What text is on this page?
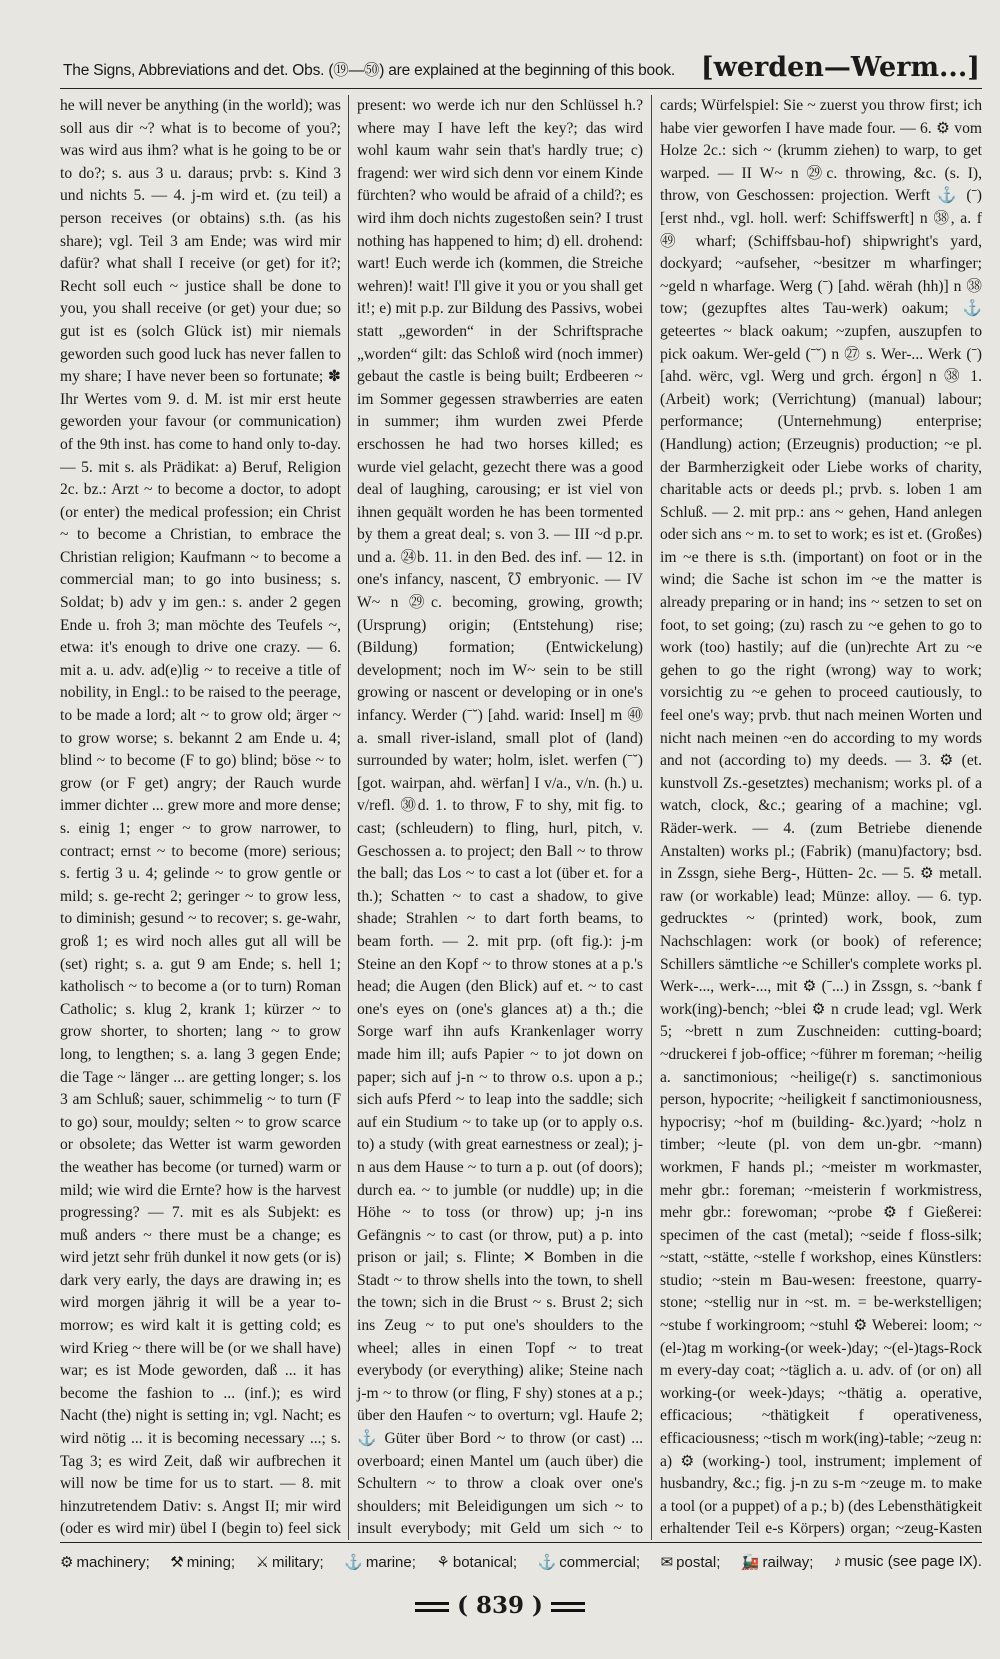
The Signs, Abbreviations and det. Obs. (⑲—㊿) are explained at the beginning of this book. [werden—Werm...]

he will never be anything (in the world); was soll aus dir ~? what is to become of you?; was wird aus ihm? what is he going to be or to do?; s. aus 3 u. daraus; prvb: s. Kind 3 und nichts 5. — 4. j-m wird et. (zu teil) a person receives (or obtains) s.th. (as his share); vgl. Teil 3 am Ende; was wird mir dafür? what shall I receive (or get) for it?; Recht soll euch ~ justice shall be done to you, you shall receive (or get) your due; so gut ist es (solch Glück ist) mir niemals geworden such good luck has never fallen to my share; I have never been so fortunate; ✽ Ihr Wertes vom 9. d. M. ist mir erst heute geworden your favour (or communication) of the 9th inst. has come to hand only to-day. — 5. mit s. als Prädikat: a) Beruf, Religion 2c. bz.: Arzt ~ to become a doctor, to adopt (or enter) the medical profession; ein Christ ~ to become a Christian, to embrace the Christian religion; Kaufmann ~ to become a commercial man; to go into business; s. Soldat; b) adv y im gen.: s. ander 2 gegen Ende u. froh 3; man möchte des Teufels ~, etwa: it's enough to drive one crazy. — 6. mit a. u. adv. ad(e)lig ~ to receive a title of nobility, in Engl.: to be raised to the peerage, to be made a lord; alt ~ to grow old; ärger ~ to grow worse; s. bekannt 2 am Ende u. 4; blind ~ to become (F to go) blind; böse ~ to grow (or F get) angry; der Rauch wurde immer dichter ... grew more and more dense; s. einig 1; enger ~ to grow narrower, to contract; ernst ~ to become (more) serious; s. fertig 3 u. 4; gelinde ~ to grow gentle or mild; s. ge-recht 2; geringer ~ to grow less, to diminish; gesund ~ to recover; s. ge-wahr, groß 1; es wird noch alles gut all will be (set) right; s. a. gut 9 am Ende; s. hell 1; katholisch ~ to become a (or to turn) Roman Catholic; s. klug 2, krank 1; kürzer ~ to grow shorter, to shorten; lang ~ to grow long, to lengthen; s. a. lang 3 gegen Ende; die Tage ~ länger ... are getting longer; s. los 3 am Schluß; sauer, schimmelig ~ to turn (F to go) sour, mouldy; selten ~ to grow scarce or obsolete; das Wetter ist warm geworden the weather has become (or turned) warm or mild; wie wird die Ernte? how is the harvest progressing? — 7. mit es als Subjekt: es muß anders ~ there must be a change; es wird jetzt sehr früh dunkel it now gets (or is) dark very early, the days are drawing in; es wird morgen jährig it will be a year to-morrow; es wird kalt it is getting cold; es wird Krieg ~ there will be (or we shall have) war; es ist Mode geworden, daß ... it has become the fashion to ... (inf.); es wird Nacht (the) night is setting in; vgl. Nacht; es wird nötig ... it is becoming necessary ...; s. Tag 3; es wird Zeit, daß wir aufbrechen it will now be time for us to start. — 8. mit hinzutretendem Dativ: s. Angst II; mir wird (oder es wird mir) übel I (begin to) feel sick

present: wo werde ich nur den Schlüssel h.? where may I have left the key?; das wird wohl kaum wahr sein that's hardly true; c) fragend: wer wird sich denn vor einem Kinde fürchten? who would be afraid of a child?; es wird ihm doch nichts zugestoßen sein? I trust nothing has happened to him; d) ell. drohend: wart! Euch werde ich (kommen, die Streiche wehren)! wait! I'll give it you or you shall get it!; e) mit p.p. zur Bildung des Passivs, wobei statt „geworden“ in der Schriftsprache „worden“ gilt: das Schloß wird (noch immer) gebaut the castle is being built; Erdbeeren ~ im Sommer gegessen strawberries are eaten in summer; ihm wurden zwei Pferde erschossen he had two horses killed; es wurde viel gelacht, gezecht there was a good deal of laughing, carousing; er ist viel von ihnen gequält worden he has been tormented by them a great deal; s. von 3. — III ~d p.pr. und a. ㉔b. 11. in den Bed. des inf. — 12. in one's infancy, nascent, ℧ embryonic. — IV W~ n ㉙c. becoming, growing, growth; (Ursprung) origin; (Entstehung) rise; (Bildung) formation; (Entwickelung) development; noch im W~ sein to be still growing or nascent or developing or in one's infancy. Werder (ˉ˘) [ahd. warid: Insel] m ㊵a. small river-island, small plot of (land) surrounded by water; holm, islet. werfen (ˉ˘) [got. wairpan, ahd. wërfan] I v/a., v/n. (h.) u. v/refl. ㉚d. 1. to throw, F to shy, mit fig. to cast; (schleudern) to fling, hurl, pitch, v. Geschossen a. to project; den Ball ~ to throw the ball; das Los ~ to cast a lot (über et. for a th.); Schatten ~ to cast a shadow, to give shade; Strahlen ~ to dart forth beams, to beam forth. — 2. mit prp. (oft fig.): j-m Steine an den Kopf ~ to throw stones at a p.'s head; die Augen (den Blick) auf et. ~ to cast one's eyes on (one's glances at) a th.; die Sorge warf ihn aufs Krankenlager worry made him ill; aufs Papier ~ to jot down on paper; sich auf j-n ~ to throw o.s. upon a p.; sich aufs Pferd ~ to leap into the saddle; sich auf ein Studium ~ to take up (or to apply o.s. to) a study (with great earnestness or zeal); j-n aus dem Hause ~ to turn a p. out (of doors); durch ea. ~ to jumble (or nuddle) up; in die Höhe ~ to toss (or throw) up; j-n ins Gefängnis ~ to cast (or throw, put) a p. into prison or jail; s. Flinte; ✕ Bomben in die Stadt ~ to throw shells into the town, to shell the town; sich in die Brust ~ s. Brust 2; sich ins Zeug ~ to put one's shoulders to the wheel; alles in einen Topf ~ to treat everybody (or everything) alike; Steine nach j-m ~ to throw (or fling, F shy) stones at a p.; über den Haufen ~ to overturn; vgl. Haufe 2; ⚓ Güter über Bord ~ to throw (or cast) ... overboard; einen Mantel um (auch über) die Schultern ~ to throw a cloak over one's shoulders; mit Beleidigungen um sich ~ to insult everybody; mit Geld um sich ~ to

cards; Würfelspiel: Sie ~ zuerst you throw first; ich habe vier geworfen I have made four. — 6. ⚙ vom Holze 2c.: sich ~ (krumm ziehen) to warp, to get warped. — II W~ n ㉙c. throwing, &c. (s. I), throw, von Geschossen: projection. Werft ⚓ (ˉ) [erst nhd., vgl. holl. werf: Schiffswerft] n ㊳, a. f ㊾ wharf; (Schiffsbau-hof) shipwright's yard, dockyard; ~aufseher, ~besitzer m wharfinger; ~geld n wharfage. Werg (ˉ) [ahd. wërah (hh)] n ㊳ tow; (gezupftes altes Tau-werk) oakum; ⚓ geteertes ~ black oakum; ~zupfen, auszupfen to pick oakum. Wer-geld (ˉ˘) n ㉗ s. Wer-... Werk (ˉ) [ahd. wërc, vgl. Werg und grch. érgon] n ㊳ 1. (Arbeit) work; (Verrichtung) (manual) labour; performance; (Unternehmung) enterprise; (Handlung) action; (Erzeugnis) production; ~e pl. der Barmherzigkeit oder Liebe works of charity, charitable acts or deeds pl.; prvb. s. loben 1 am Schluß. — 2. mit prp.: ans ~ gehen, Hand anlegen oder sich ans ~ m. to set to work; es ist et. (Großes) im ~e there is s.th. (important) on foot or in the wind; die Sache ist schon im ~e the matter is already preparing or in hand; ins ~ setzen to set on foot, to set going; (zu) rasch zu ~e gehen to go to work (too) hastily; auf die (un)rechte Art zu ~e gehen to go the right (wrong) way to work; vorsichtig zu ~e gehen to proceed cautiously, to feel one's way; prvb. thut nach meinen Worten und nicht nach meinen ~en do according to my words and not (according to) my deeds. — 3. ⚙ (et. kunstvoll Zs.-gesetztes) mechanism; works pl. of a watch, clock, &c.; gearing of a machine; vgl. Räder-werk. — 4. (zum Betriebe dienende Anstalten) works pl.; (Fabrik) (manu)factory; bsd. in Zssgn, siehe Berg-, Hütten- 2c. — 5. ⚙ metall. raw (or workable) lead; Münze: alloy. — 6. typ. gedrucktes ~ (printed) work, book, zum Nachschlagen: work (or book) of reference; Schillers sämtliche ~e Schiller's complete works pl. Werk-..., werk-..., mit ⚙ (ˉ...) in Zssgn, s. ~bank f work(ing)-bench; ~blei ⚙ n crude lead; vgl. Werk 5; ~brett n zum Zuschneiden: cutting-board; ~druckerei f job-office; ~führer m foreman; ~heilig a. sanctimonious; ~heilige(r) s. sanctimonious person, hypocrite; ~heiligkeit f sanctimoniousness, hypocrisy; ~hof m (building- &c.)yard; ~holz n timber; ~leute (pl. von dem un-gbr. ~mann) workmen, F hands pl.; ~meister m workmaster, mehr gbr.: foreman; ~meisterin f workmistress, mehr gbr.: forewoman; ~probe ⚙ f Gießerei: specimen of the cast (metal); ~seide f floss-silk; ~statt, ~stätte, ~stelle f workshop, eines Künstlers: studio; ~stein m Bau-wesen: freestone, quarry-stone; ~stellig nur in ~st. m. = be-werkstelligen; ~stube f workingroom; ~stuhl ⚙ Weberei: loom; ~(el-)tag m working-(or week-)day; ~(el-)tags-Rock m every-day coat; ~täglich a. u. adv. of (or on) all working-(or week-)days; ~thätig a. operative, efficacious; ~thätigkeit f operativeness, efficaciousness; ~tisch m work(ing)-table; ~zeug n: a) ⚙ (working-) tool, instrument; implement of husbandry, &c.; fig. j-n zu s-m ~zeuge m. to make a tool (or a puppet) of a p.; b) (des Lebensthätigkeit erhaltender Teil e-s Körpers) organ; ~zeug-Kasten

⚙ machinery; ⚒ mining; ⚔ military; ⚓ marine; ⚘ botanical; ⚓ commercial; ✉ postal; 🚂 railway; ♪ music (see page IX).
( 839 )
